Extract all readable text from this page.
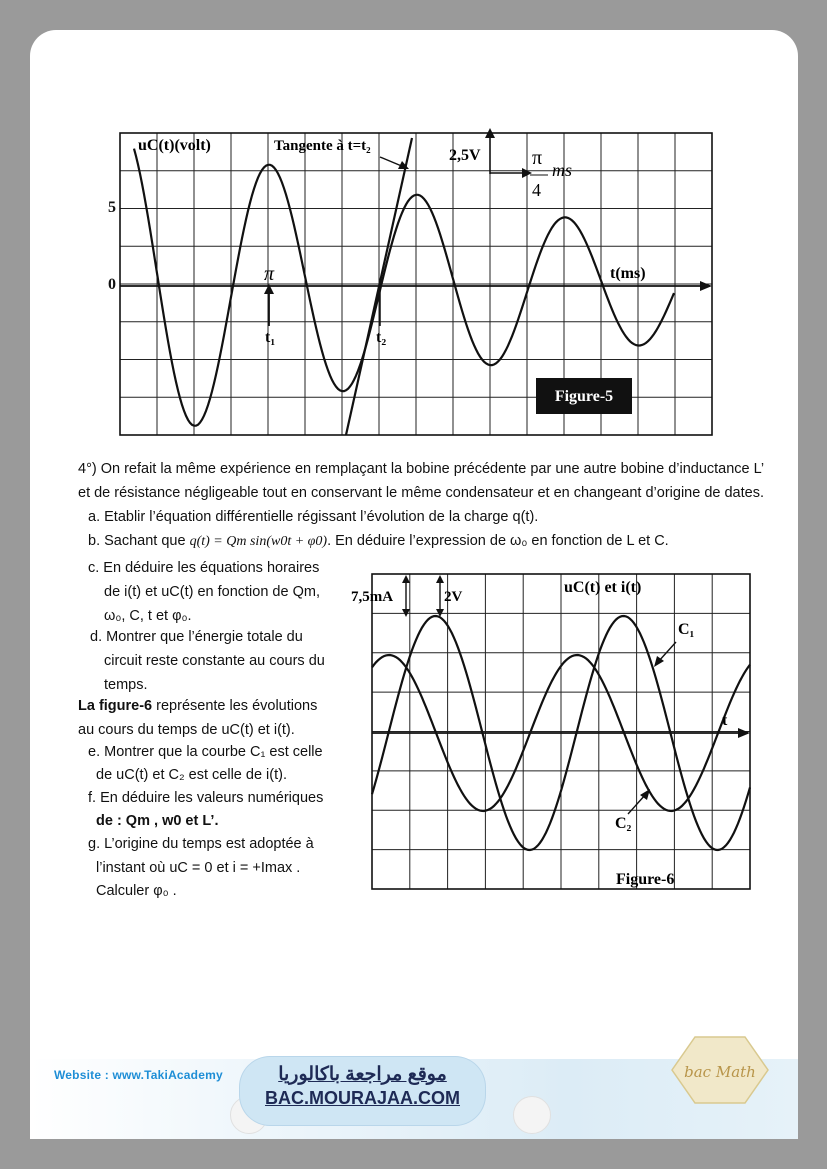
Figure-5
uC(t)(volt)	Tangente à t=t₂
2,5V	π
4
ms
t(ms)
π
t₁	t₂
5
0
4°) On refait la même expérience en remplaçant la bobine précédente par une autre bobine d’inductance L’
et de résistance négligeable tout en conservant le même condensateur et en changeant d’origine de dates.
a. Etablir l’équation différentielle régissant l’évolution de la charge q(t).
b. Sachant que q(t) = Qm sin(w0t + φ0). En déduire l’expression de ω₀ en fonction de L et C.
c. En déduire les équations horaires
de i(t) et uC(t) en fonction de Qm,
ω₀, C, t et φ₀.
d. Montrer que l’énergie totale du
circuit reste constante au cours du
temps.
La figure-6 représente les évolutions
au cours du temps de uC(t) et i(t).
e. Montrer que la courbe C₁ est celle
de uC(t) et C₂ est celle de i(t).
f. En déduire les valeurs numériques
de : Qm , w0 et L’.
g. L’origine du temps est adoptée à
l’instant où uC = 0 et i = +Imax .
Calculer φ₀ .
7,5mA	2V
uC(t) et i(t)
C₁
C₂
t
Figure-6
Website : www.TakiAcademy	موقع مراجعة باكالوريا
BAC.MOURAJAA.COM
bac Math
